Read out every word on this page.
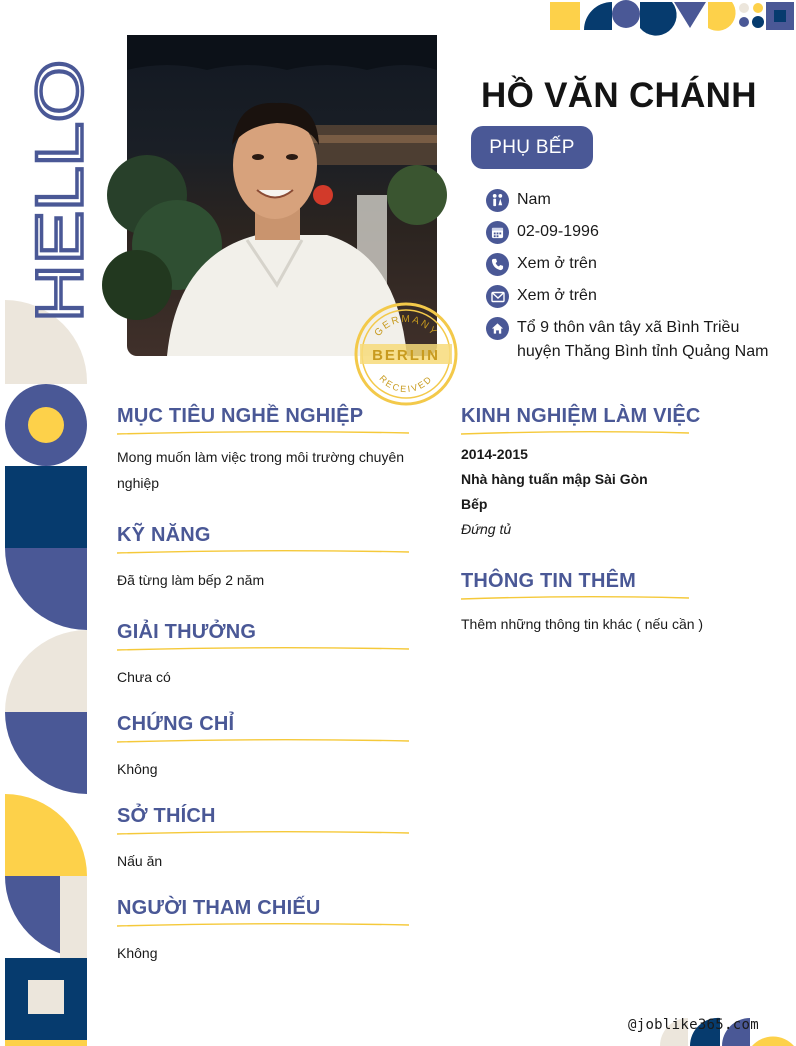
HELLO
GERMANY
BERLIN
RECEIVED
HỒ VĂN CHÁNH
PHỤ BẾP
Nam
02-09-1996
Xem ở trên
Xem ở trên
Tổ 9 thôn vân tây xã Bình Triều
huyện Thăng Bình tỉnh Quảng Nam
MỤC TIÊU NGHỀ NGHIỆP
Mong muốn làm việc trong môi trường chuyên
nghiệp
KỸ NĂNG
Đã từng làm bếp 2 năm
GIẢI THƯỞNG
Chưa có
CHỨNG CHỈ
Không
SỞ THÍCH
Nấu ăn
NGƯỜI THAM CHIẾU
Không
KINH NGHIỆM LÀM VIỆC
2014-2015
Nhà hàng tuấn mập Sài Gòn
Bếp
Đứng tủ
THÔNG TIN THÊM
Thêm những thông tin khác ( nếu cần )
@joblike365.com
